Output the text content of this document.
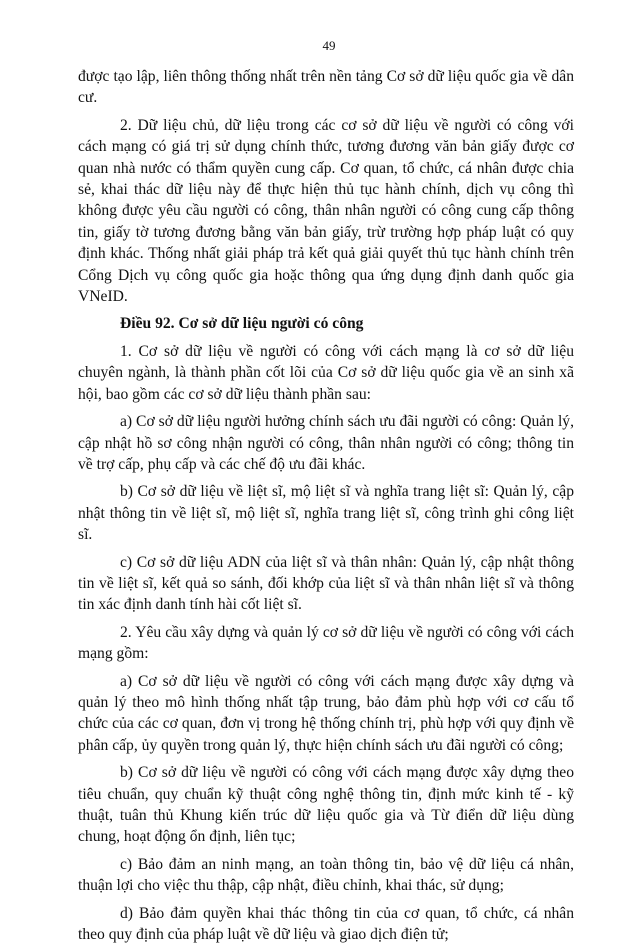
49

được tạo lập, liên thông thống nhất trên nền tảng Cơ sở dữ liệu quốc gia về dân cư.

2. Dữ liệu chủ, dữ liệu trong các cơ sở dữ liệu về người có công với cách mạng có giá trị sử dụng chính thức, tương đương văn bản giấy được cơ quan nhà nước có thẩm quyền cung cấp. Cơ quan, tổ chức, cá nhân được chia sẻ, khai thác dữ liệu này để thực hiện thủ tục hành chính, dịch vụ công thì không được yêu cầu người có công, thân nhân người có công cung cấp thông tin, giấy tờ tương đương bằng văn bản giấy, trừ trường hợp pháp luật có quy định khác. Thống nhất giải pháp trả kết quả giải quyết thủ tục hành chính trên Cổng Dịch vụ công quốc gia hoặc thông qua ứng dụng định danh quốc gia VNeID.

Điều 92. Cơ sở dữ liệu người có công

1. Cơ sở dữ liệu về người có công với cách mạng là cơ sở dữ liệu chuyên ngành, là thành phần cốt lõi của Cơ sở dữ liệu quốc gia về an sinh xã hội, bao gồm các cơ sở dữ liệu thành phần sau:

a) Cơ sở dữ liệu người hưởng chính sách ưu đãi người có công: Quản lý, cập nhật hồ sơ công nhận người có công, thân nhân người có công; thông tin về trợ cấp, phụ cấp và các chế độ ưu đãi khác.

b) Cơ sở dữ liệu về liệt sĩ, mộ liệt sĩ và nghĩa trang liệt sĩ: Quản lý, cập nhật thông tin về liệt sĩ, mộ liệt sĩ, nghĩa trang liệt sĩ, công trình ghi công liệt sĩ.

c) Cơ sở dữ liệu ADN của liệt sĩ và thân nhân: Quản lý, cập nhật thông tin về liệt sĩ, kết quả so sánh, đối khớp của liệt sĩ và thân nhân liệt sĩ và thông tin xác định danh tính hài cốt liệt sĩ.

2. Yêu cầu xây dựng và quản lý cơ sở dữ liệu về người có công với cách mạng gồm:

a) Cơ sở dữ liệu về người có công với cách mạng được xây dựng và quản lý theo mô hình thống nhất tập trung, bảo đảm phù hợp với cơ cấu tổ chức của các cơ quan, đơn vị trong hệ thống chính trị, phù hợp với quy định về phân cấp, ủy quyền trong quản lý, thực hiện chính sách ưu đãi người có công;

b) Cơ sở dữ liệu về người có công với cách mạng được xây dựng theo tiêu chuẩn, quy chuẩn kỹ thuật công nghệ thông tin, định mức kinh tế - kỹ thuật, tuân thủ Khung kiến trúc dữ liệu quốc gia và Từ điển dữ liệu dùng chung, hoạt động ổn định, liên tục;

c) Bảo đảm an ninh mạng, an toàn thông tin, bảo vệ dữ liệu cá nhân, thuận lợi cho việc thu thập, cập nhật, điều chỉnh, khai thác, sử dụng;

d) Bảo đảm quyền khai thác thông tin của cơ quan, tổ chức, cá nhân theo quy định của pháp luật về dữ liệu và giao dịch điện tử;
